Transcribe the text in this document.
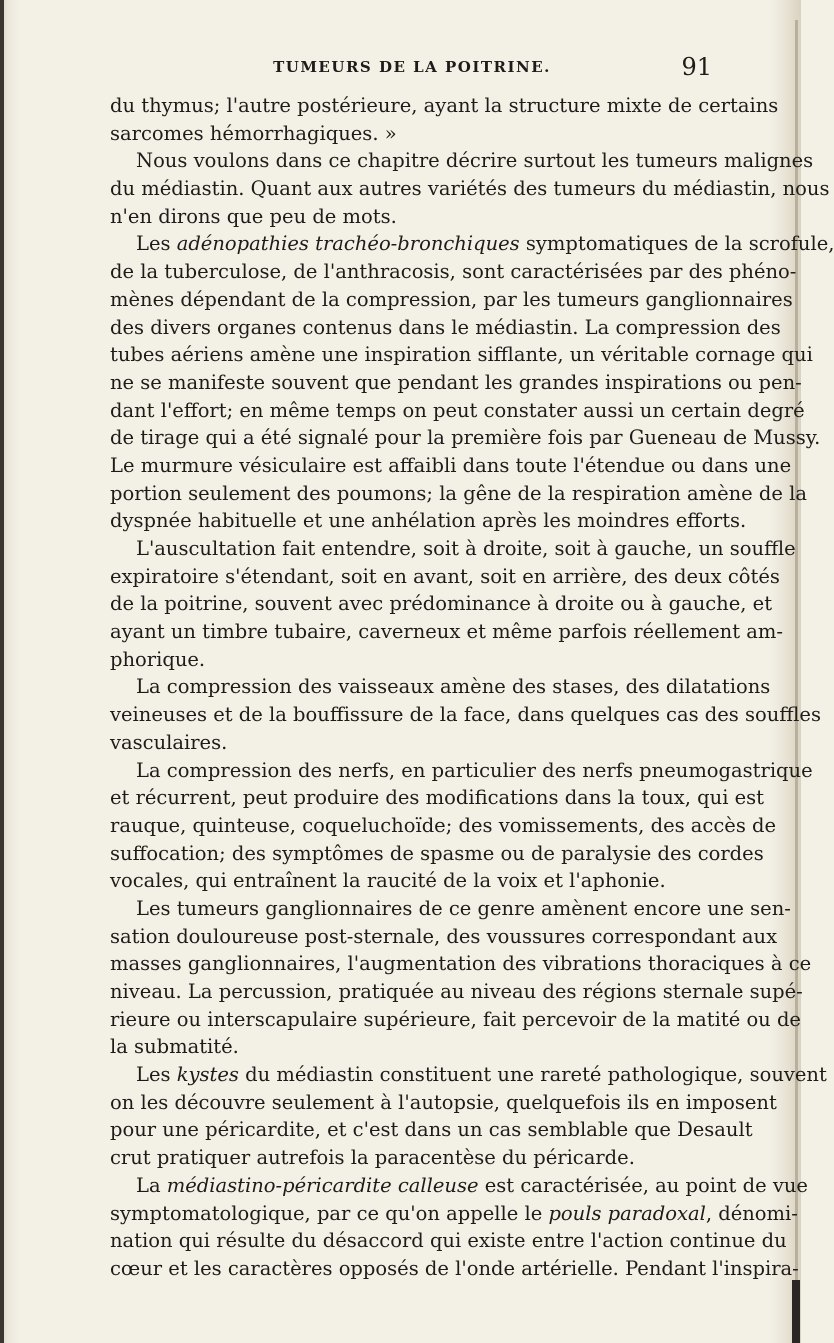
TUMEURS DE LA POITRINE.	91
du thymus; l'autre postérieure, ayant la structure mixte de certains
sarcomes hémorrhagiques. »
Nous voulons dans ce chapitre décrire surtout les tumeurs malignes
du médiastin. Quant aux autres variétés des tumeurs du médiastin, nous
n'en dirons que peu de mots.
Les adénopathies trachéo-bronchiques symptomatiques de la scrofule,
de la tuberculose, de l'anthracosis, sont caractérisées par des phéno-
mènes dépendant de la compression, par les tumeurs ganglionnaires
des divers organes contenus dans le médiastin. La compression des
tubes aériens amène une inspiration sifflante, un véritable cornage qui
ne se manifeste souvent que pendant les grandes inspirations ou pen-
dant l'effort; en même temps on peut constater aussi un certain degré
de tirage qui a été signalé pour la première fois par Gueneau de Mussy.
Le murmure vésiculaire est affaibli dans toute l'étendue ou dans une
portion seulement des poumons; la gêne de la respiration amène de la
dyspnée habituelle et une anhélation après les moindres efforts.
L'auscultation fait entendre, soit à droite, soit à gauche, un souffle
expiratoire s'étendant, soit en avant, soit en arrière, des deux côtés
de la poitrine, souvent avec prédominance à droite ou à gauche, et
ayant un timbre tubaire, caverneux et même parfois réellement am-
phorique.
La compression des vaisseaux amène des stases, des dilatations
veineuses et de la bouffissure de la face, dans quelques cas des souffles
vasculaires.
La compression des nerfs, en particulier des nerfs pneumogastrique
et récurrent, peut produire des modifications dans la toux, qui est
rauque, quinteuse, coqueluchoïde; des vomissements, des accès de
suffocation; des symptômes de spasme ou de paralysie des cordes
vocales, qui entraînent la raucité de la voix et l'aphonie.
Les tumeurs ganglionnaires de ce genre amènent encore une sen-
sation douloureuse post-sternale, des voussures correspondant aux
masses ganglionnaires, l'augmentation des vibrations thoraciques à ce
niveau. La percussion, pratiquée au niveau des régions sternale supé-
rieure ou interscapulaire supérieure, fait percevoir de la matité ou de
la submatité.
Les kystes du médiastin constituent une rareté pathologique, souvent
on les découvre seulement à l'autopsie, quelquefois ils en imposent
pour une péricardite, et c'est dans un cas semblable que Desault
crut pratiquer autrefois la paracentèse du péricarde.
La médiastino-péricardite calleuse est caractérisée, au point de vue
symptomatologique, par ce qu'on appelle le pouls paradoxal, dénomi-
nation qui résulte du désaccord qui existe entre l'action continue du
cœur et les caractères opposés de l'onde artérielle. Pendant l'inspira-
